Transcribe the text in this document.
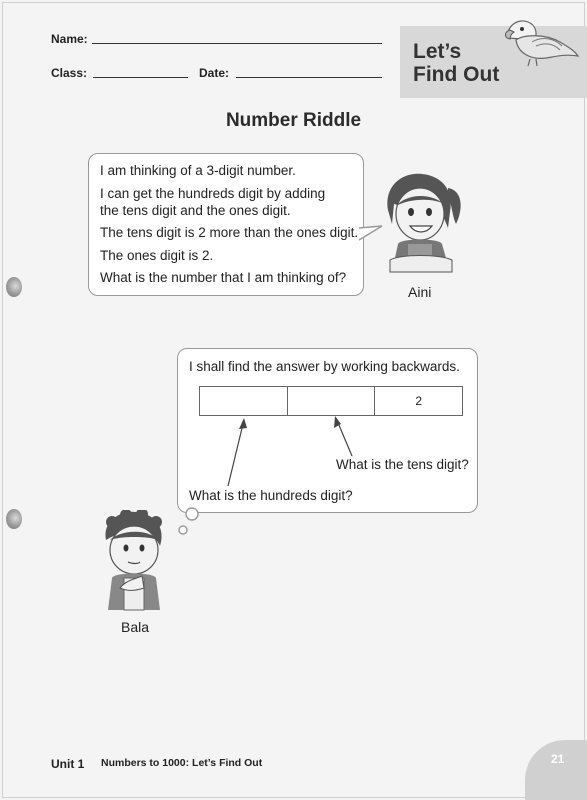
Name:
Class:	Date:
Let’s
Find Out
Number Riddle

I am thinking of a 3-digit number.

I can get the hundreds digit by adding

the tens digit and the ones digit.

The tens digit is 2 more than the ones digit.

The ones digit is 2.

What is the number that I am thinking of?

Aini

I shall find the answer by working backwards.

What is the tens digit?

What is the hundreds digit?

2
Bala
Unit 1 Numbers to 1000: Let’s Find Out	21
